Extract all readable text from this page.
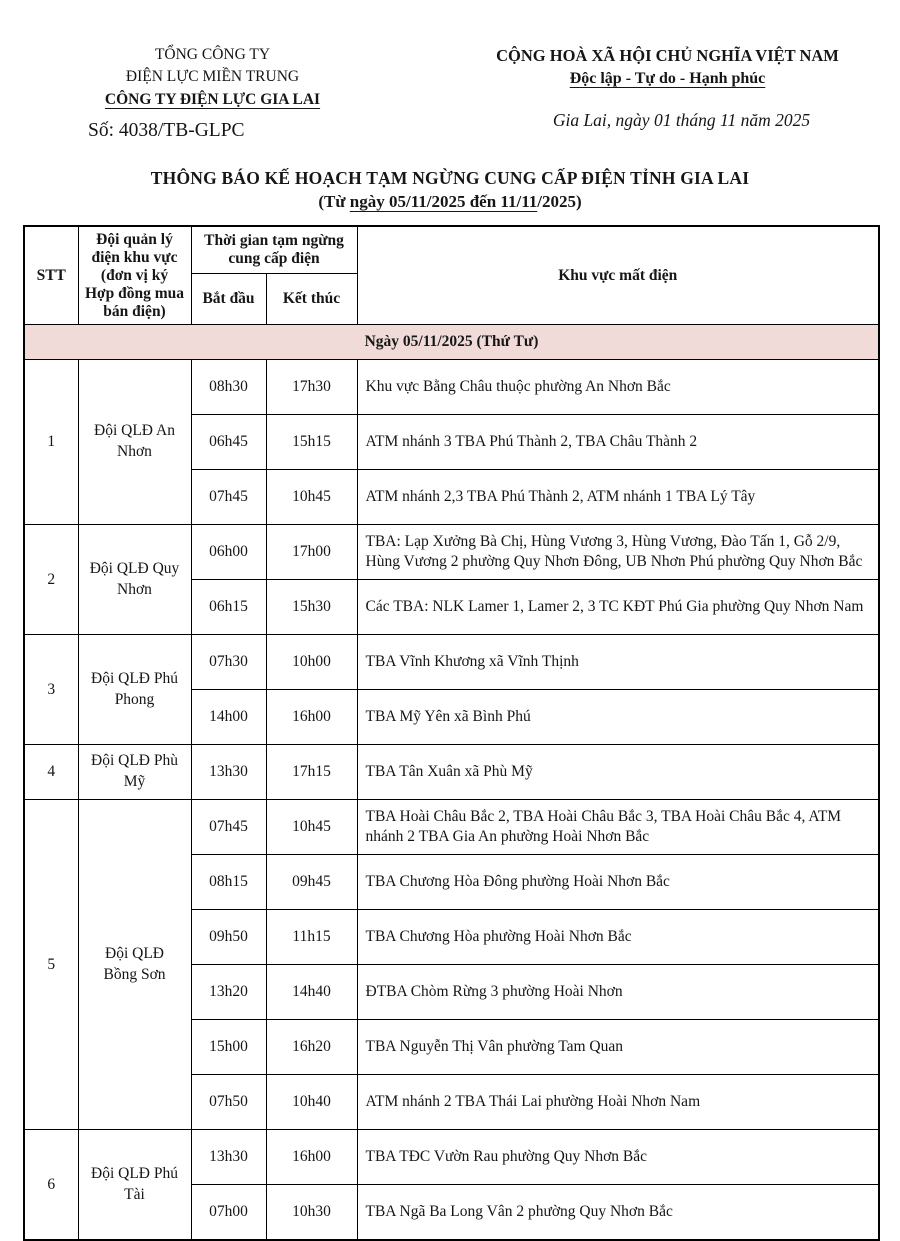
TỔNG CÔNG TY
ĐIỆN LỰC MIỀN TRUNG
CÔNG TY ĐIỆN LỰC GIA LAI
Số: 4038/TB-GLPC
CỘNG HOÀ XÃ HỘI CHỦ NGHĨA VIỆT NAM
Độc lập - Tự do - Hạnh phúc
Gia Lai, ngày 01 tháng 11 năm 2025
THÔNG BÁO KẾ HOẠCH TẠM NGỪNG CUNG CẤP ĐIỆN TỈNH GIA LAI
(Từ ngày 05/11/2025 đến 11/11/2025)
STT	Đội quản lý điện khu vực (đơn vị ký Hợp đồng mua bán điện)	Thời gian tạm ngừng cung cấp điện		Khu vực mất điện
		Bắt đầu	Kết thúc	
Ngày 05/11/2025 (Thứ Tư)				
1	Đội QLĐ An Nhơn	08h30	17h30	Khu vực Bằng Châu thuộc phường An Nhơn Bắc
		06h45	15h15	ATM nhánh 3 TBA Phú Thành 2, TBA Châu Thành 2
		07h45	10h45	ATM nhánh 2,3 TBA Phú Thành 2, ATM nhánh 1 TBA Lý Tây
2	Đội QLĐ Quy Nhơn	06h00	17h00	TBA: Lạp Xưởng Bà Chị, Hùng Vương 3, Hùng Vương, Đào Tấn 1, Gỗ 2/9, Hùng Vương 2 phường Quy Nhơn Đông, UB Nhơn Phú phường Quy Nhơn Bắc
		06h15	15h30	Các TBA: NLK Lamer 1, Lamer 2, 3 TC KĐT Phú Gia phường Quy Nhơn Nam
3	Đội QLĐ Phú Phong	07h30	10h00	TBA Vĩnh Khương xã Vĩnh Thịnh
		14h00	16h00	TBA Mỹ Yên xã Bình Phú
4	Đội QLĐ Phù Mỹ	13h30	17h15	TBA Tân Xuân xã Phù Mỹ
5	Đội QLĐ Bồng Sơn	07h45	10h45	TBA Hoài Châu Bắc 2, TBA Hoài Châu Bắc 3, TBA Hoài Châu Bắc 4, ATM nhánh 2 TBA Gia An phường Hoài Nhơn Bắc
		08h15	09h45	TBA Chương Hòa Đông phường Hoài Nhơn Bắc
		09h50	11h15	TBA Chương Hòa phường Hoài Nhơn Bắc
		13h20	14h40	ĐTBA Chòm Rừng 3 phường Hoài Nhơn
		15h00	16h20	TBA Nguyễn Thị Vân phường Tam Quan
		07h50	10h40	ATM nhánh 2 TBA Thái Lai phường Hoài Nhơn Nam
6	Đội QLĐ Phú Tài	13h30	16h00	TBA TĐC Vườn Rau phường Quy Nhơn Bắc
		07h00	10h30	TBA Ngã Ba Long Vân 2 phường Quy Nhơn Bắc
